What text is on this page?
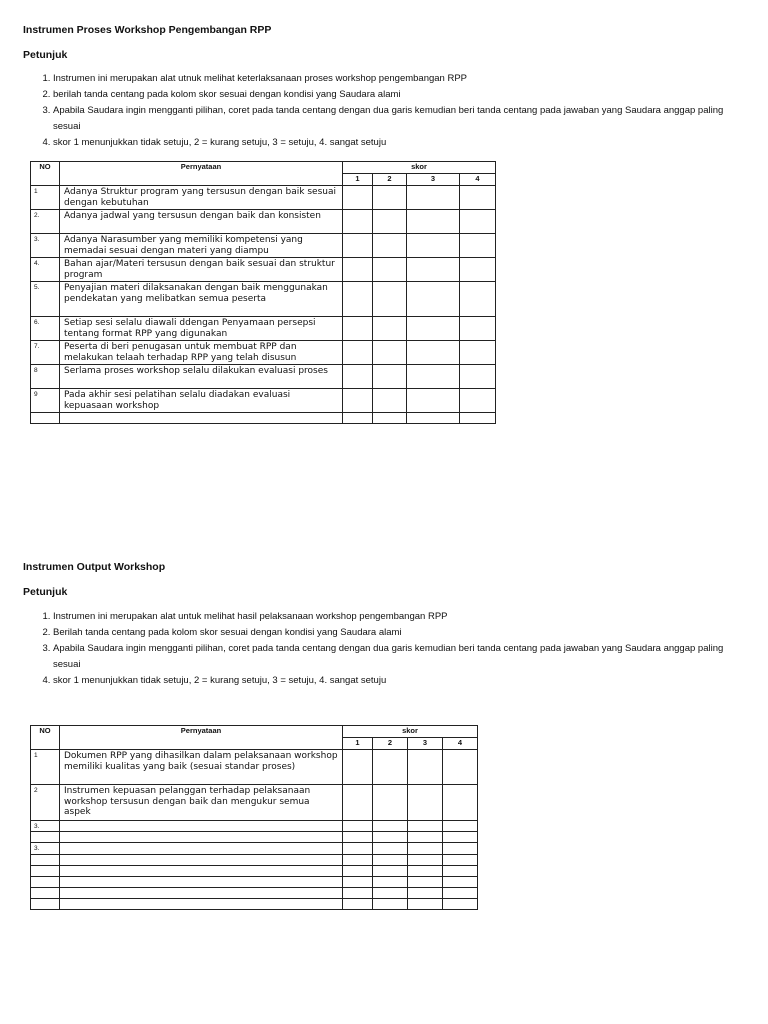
Instrumen Proses Workshop Pengembangan RPP
Petunjuk
1. Instrumen ini merupakan alat utnuk melihat keterlaksanaan proses workshop pengembangan RPP
2. berilah tanda centang pada kolom skor sesuai dengan kondisi yang Saudara alami
3. Apabila Saudara ingin mengganti pilihan, coret pada tanda centang dengan dua garis kemudian beri tanda centang pada jawaban yang Saudara anggap paling sesuai
4. skor 1 menunjukkan tidak setuju, 2 = kurang setuju, 3 = setuju, 4. sangat setuju
NO	Pernyataan	skor			
		1	2	3	4
1	Adanya Struktur program yang tersusun dengan baik sesuai dengan kebutuhan				
2.	Adanya jadwal yang tersusun dengan baik dan konsisten				
3.	Adanya Narasumber yang memiliki kompetensi yang memadai sesuai dengan materi yang diampu				
4.	Bahan ajar/Materi tersusun dengan baik sesuai dan struktur program				
5.	Penyajian materi dilaksanakan dengan baik menggunakan pendekatan yang melibatkan semua peserta				
6.	Setiap sesi selalu diawali ddengan Penyamaan persepsi tentang format RPP yang digunakan				
7.	Peserta di beri penugasan untuk membuat RPP dan melakukan telaah terhadap RPP yang telah disusun				
8	Serlama proses workshop selalu dilakukan evaluasi proses				
9	Pada akhir sesi pelatihan selalu diadakan evaluasi kepuasaan workshop				

Instrumen Output Workshop
Petunjuk
1. Instrumen ini merupakan alat untuk melihat hasil pelaksanaan workshop pengembangan RPP
2. Berilah tanda centang pada kolom skor sesuai dengan kondisi yang Saudara alami
3. Apabila Saudara ingin mengganti pilihan, coret pada tanda centang dengan dua garis kemudian beri tanda centang pada jawaban yang Saudara anggap paling sesuai
4. skor 1 menunjukkan tidak setuju, 2 = kurang setuju, 3 = setuju, 4. sangat setuju
NO	Pernyataan	skor			
		1	2	3	4
1	Dokumen RPP yang dihasilkan dalam pelaksanaan workshop memiliki kualitas yang baik (sesuai standar proses)				
2	Instrumen kepuasan pelanggan terhadap pelaksanaan workshop tersusun dengan baik dan mengukur semua aspek				
3.					

3.					
